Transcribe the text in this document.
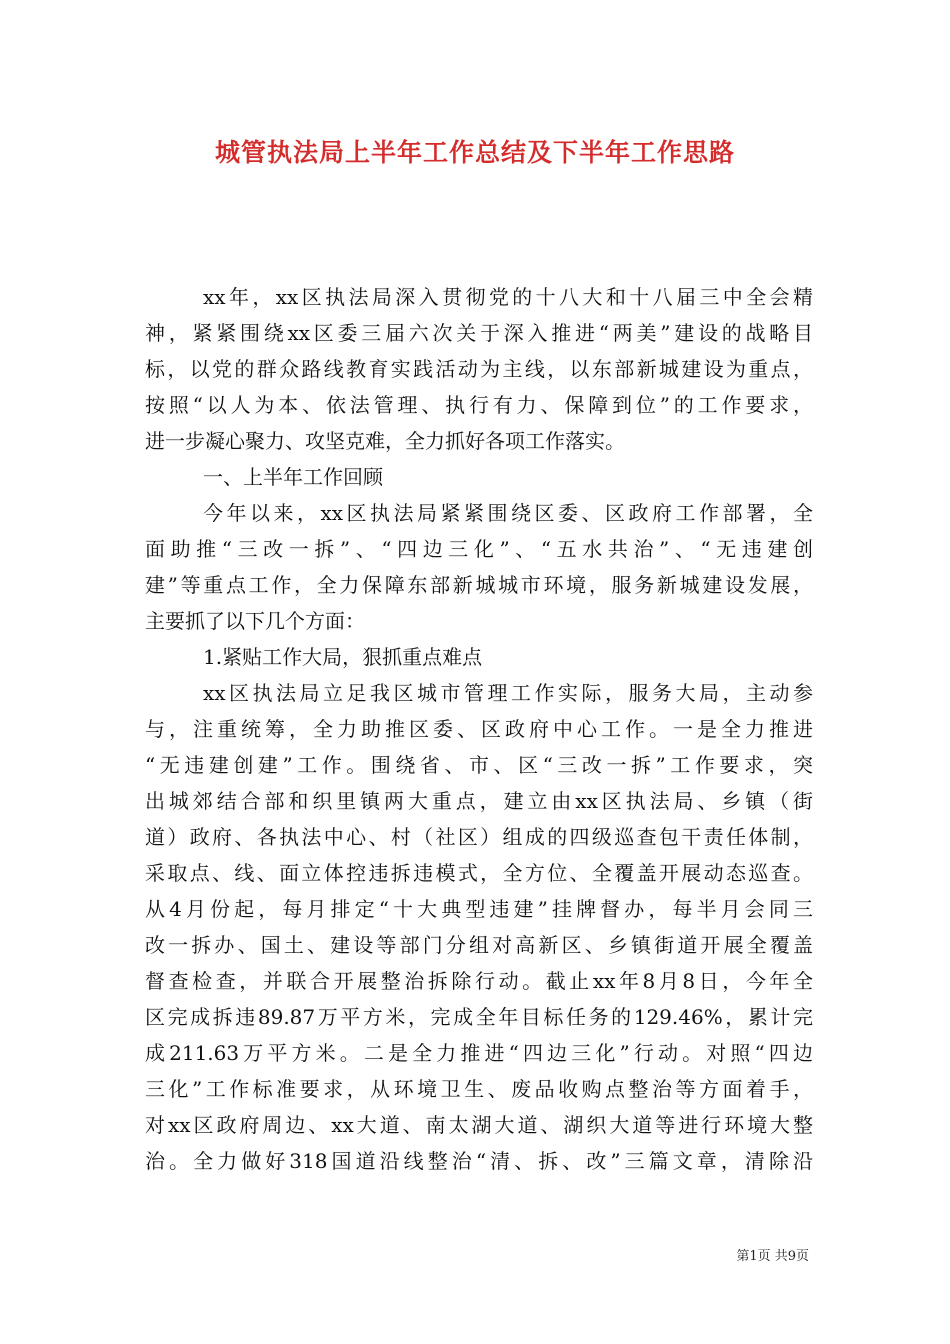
城管执法局上半年工作总结及下半年工作思路
xx年，xx区执法局深入贯彻党的十八大和十八届三中全会精
神，紧紧围绕xx区委三届六次关于深入推进“两美”建设的战略目
标，以党的群众路线教育实践活动为主线，以东部新城建设为重点，
按照“以人为本、依法管理、执行有力、保障到位”的工作要求，
进一步凝心聚力、攻坚克难，全力抓好各项工作落实。
一、上半年工作回顾
今年以来，xx区执法局紧紧围绕区委、区政府工作部署，全
面助推“三改一拆”、“四边三化”、“五水共治”、“无违建创
建”等重点工作，全力保障东部新城城市环境，服务新城建设发展，
主要抓了以下几个方面：
1.紧贴工作大局，狠抓重点难点
xx区执法局立足我区城市管理工作实际，服务大局，主动参
与，注重统筹，全力助推区委、区政府中心工作。一是全力推进
“无违建创建”工作。围绕省、市、区“三改一拆”工作要求，突
出城郊结合部和织里镇两大重点，建立由xx区执法局、乡镇（街
道）政府、各执法中心、村（社区）组成的四级巡查包干责任体制，
采取点、线、面立体控违拆违模式，全方位、全覆盖开展动态巡查。
从4月份起，每月排定“十大典型违建”挂牌督办，每半月会同三
改一拆办、国土、建设等部门分组对高新区、乡镇街道开展全覆盖
督查检查，并联合开展整治拆除行动。截止xx年8月8日，今年全
区完成拆违89.87万平方米，完成全年目标任务的129.46%，累计完
成211.63万平方米。二是全力推进“四边三化”行动。对照“四边
三化”工作标准要求，从环境卫生、废品收购点整治等方面着手，
对xx区政府周边、xx大道、南太湖大道、湖织大道等进行环境大整
治。全力做好318国道沿线整治“清、拆、改”三篇文章，清除沿
第1页 共9页
